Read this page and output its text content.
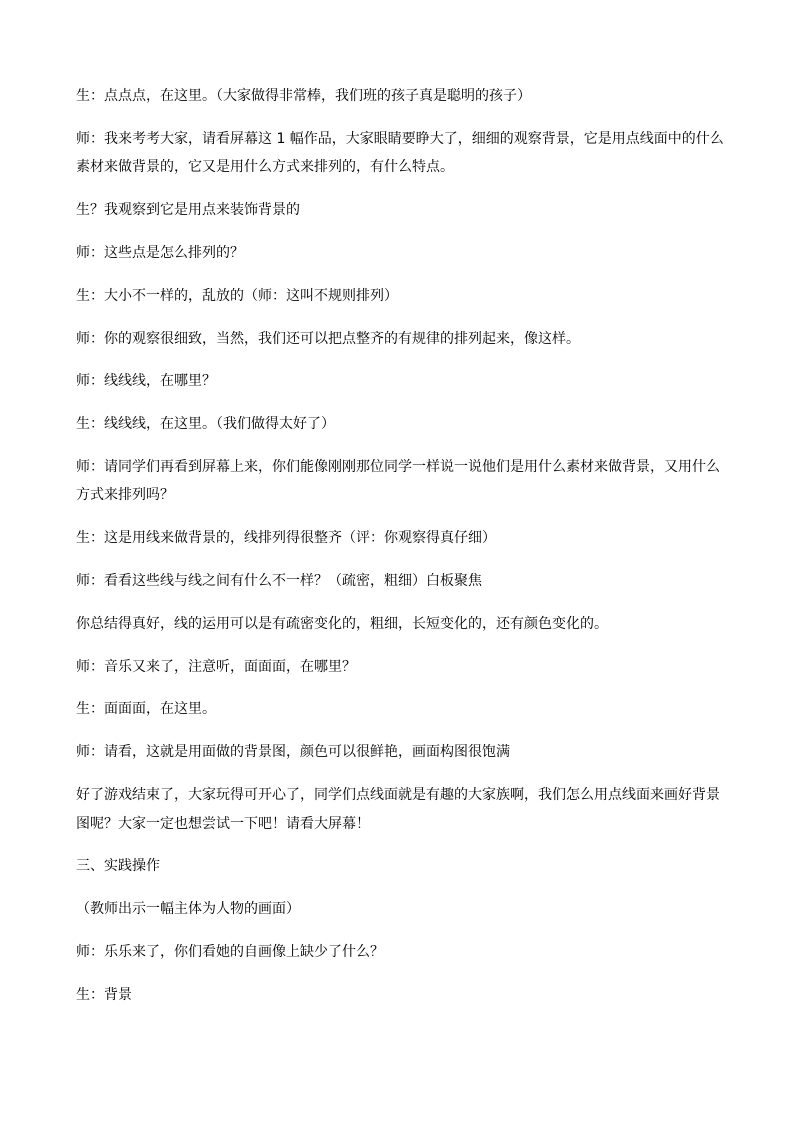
生：点点点，在这里。（大家做得非常棒，我们班的孩子真是聪明的孩子）

师：我来考考大家，请看屏幕这 1 幅作品，大家眼睛要睁大了，细细的观察背景，它是用点线面中的什么素材来做背景的，它又是用什么方式来排列的，有什么特点。

生？我观察到它是用点来装饰背景的

师：这些点是怎么排列的？

生：大小不一样的，乱放的（师：这叫不规则排列）

师：你的观察很细致，当然，我们还可以把点整齐的有规律的排列起来，像这样。

师：线线线，在哪里？

生：线线线，在这里。（我们做得太好了）

师：请同学们再看到屏幕上来，你们能像刚刚那位同学一样说一说他们是用什么素材来做背景，又用什么方式来排列吗？

生：这是用线来做背景的，线排列得很整齐（评：你观察得真仔细）

师：看看这些线与线之间有什么不一样？（疏密，粗细）白板聚焦

你总结得真好，线的运用可以是有疏密变化的，粗细，长短变化的，还有颜色变化的。

师：音乐又来了，注意听，面面面，在哪里？

生：面面面，在这里。

师：请看，这就是用面做的背景图，颜色可以很鲜艳，画面构图很饱满

好了游戏结束了，大家玩得可开心了，同学们点线面就是有趣的大家族啊，我们怎么用点线面来画好背景图呢？大家一定也想尝试一下吧！请看大屏幕！

三、实践操作

（教师出示一幅主体为人物的画面）

师：乐乐来了，你们看她的自画像上缺少了什么？

生：背景
